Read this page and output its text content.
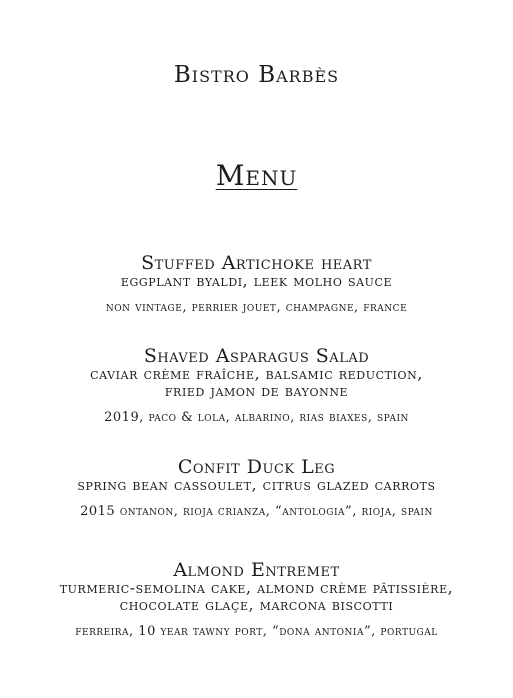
Bistro Barbès
Menu

Stuffed Artichoke heart

eggplant byaldi, leek molho sauce

non vintage, perrier jouet, champagne, france

Shaved Asparagus Salad

caviar crème fraîche, balsamic reduction,

fried jamon de bayonne

2019, paco & lola, albarino, rias biaxes, spain

Confit Duck Leg

spring bean cassoulet, citrus glazed carrots

2015 ontanon, rioja crianza, “antologia”, rioja, spain

Almond Entremet

turmeric-semolina cake, almond crème pâtissière,

chocolate glaçe, marcona biscotti

ferreira, 10 year tawny port, “dona antonia”, portugal
